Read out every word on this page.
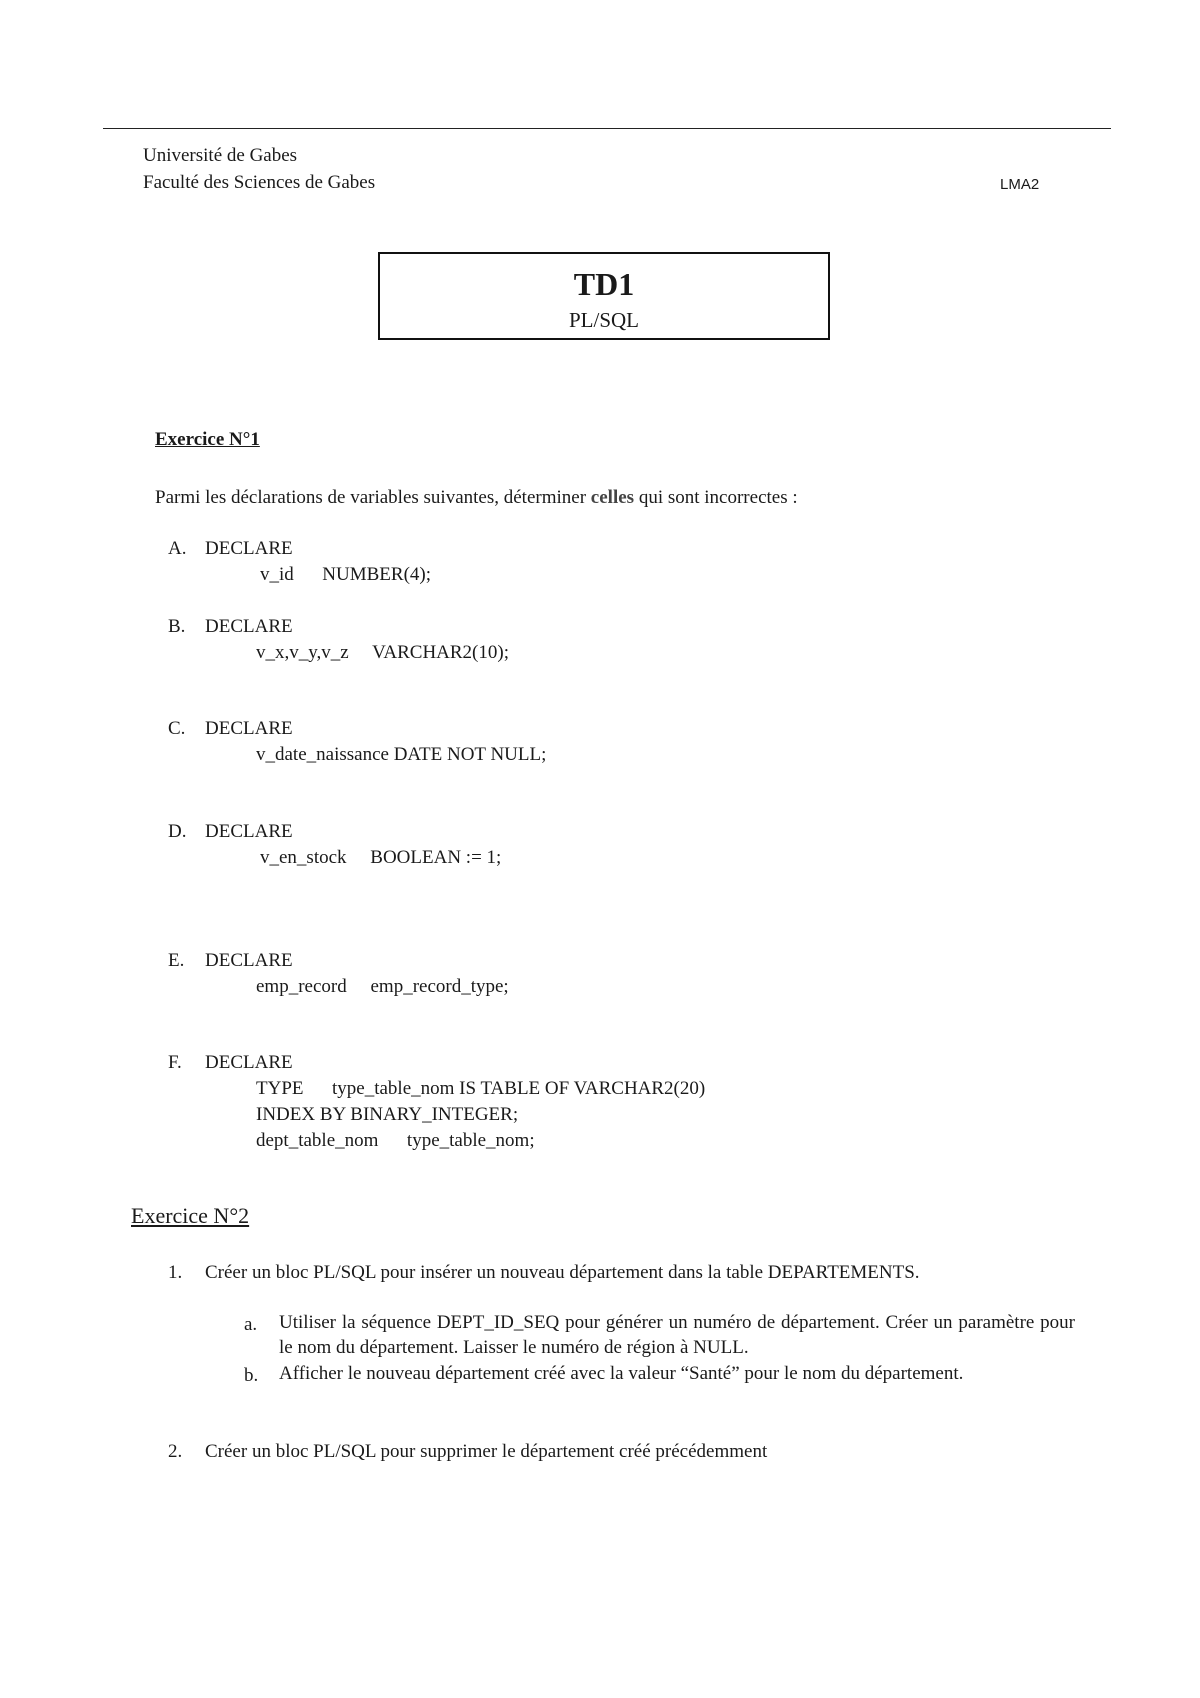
Université de Gabes
Faculté des Sciences de Gabes	LMA2
TD1
PL/SQL
Exercice N°1
Parmi les déclarations de variables suivantes, déterminer celles qui sont incorrectes :
A. DECLARE
v_id      NUMBER(4);
B. DECLARE
v_x,v_y,v_z     VARCHAR2(10);
C. DECLARE
v_date_naissance DATE NOT NULL;
D. DECLARE
v_en_stock     BOOLEAN := 1;
E. DECLARE
emp_record     emp_record_type;
F. DECLARE
TYPE      type_table_nom IS TABLE OF VARCHAR2(20)
INDEX BY BINARY_INTEGER;
dept_table_nom      type_table_nom;
Exercice N°2
1. Créer un bloc PL/SQL pour insérer un nouveau département dans la table DEPARTEMENTS.
a. Utiliser la séquence DEPT_ID_SEQ pour générer un numéro de département. Créer un paramètre pour le nom du département. Laisser le numéro de région à NULL.
b. Afficher le nouveau département créé avec la valeur “Santé” pour le nom du département.
2. Créer un bloc PL/SQL pour supprimer le département créé précédemment
